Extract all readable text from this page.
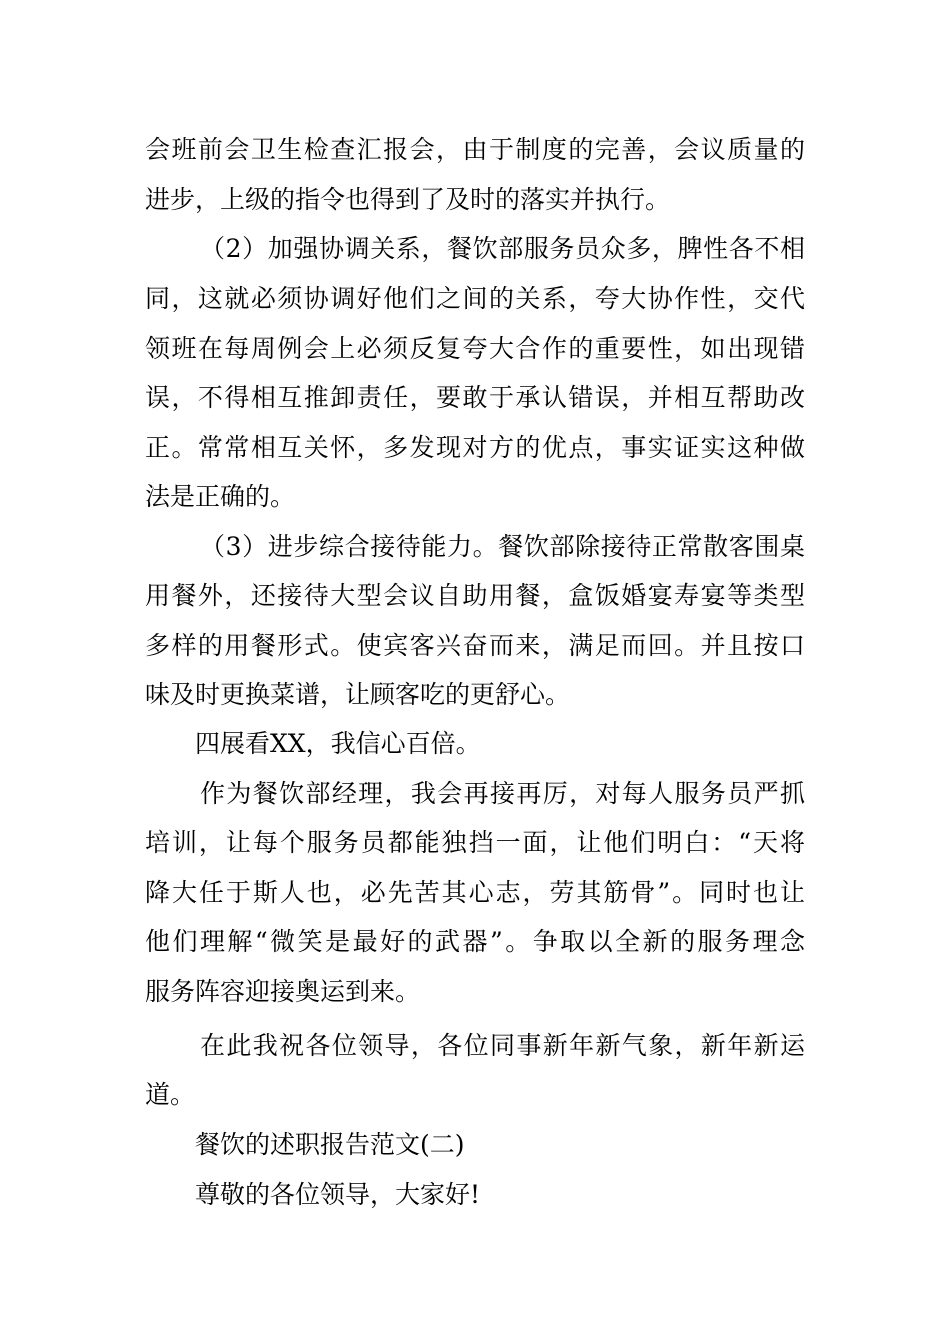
会班前会卫生检查汇报会，由于制度的完善，会议质量的
进步，上级的指令也得到了及时的落实并执行。
（2）加强协调关系，餐饮部服务员众多，脾性各不相
同，这就必须协调好他们之间的关系，夸大协作性，交代
领班在每周例会上必须反复夸大合作的重要性，如出现错
误，不得相互推卸责任，要敢于承认错误，并相互帮助改
正。常常相互关怀，多发现对方的优点，事实证实这种做
法是正确的。
（3）进步综合接待能力。餐饮部除接待正常散客围桌
用餐外，还接待大型会议自助用餐，盒饭婚宴寿宴等类型
多样的用餐形式。使宾客兴奋而来，满足而回。并且按口
味及时更换菜谱，让顾客吃的更舒心。
四展看XX，我信心百倍。
作为餐饮部经理，我会再接再厉，对每人服务员严抓
培训，让每个服务员都能独挡一面，让他们明白：“天将
降大任于斯人也，必先苦其心志，劳其筋骨”。同时也让
他们理解“微笑是最好的武器”。争取以全新的服务理念
服务阵容迎接奥运到来。
在此我祝各位领导，各位同事新年新气象，新年新运
道。
餐饮的述职报告范文(二)
尊敬的各位领导，大家好!
